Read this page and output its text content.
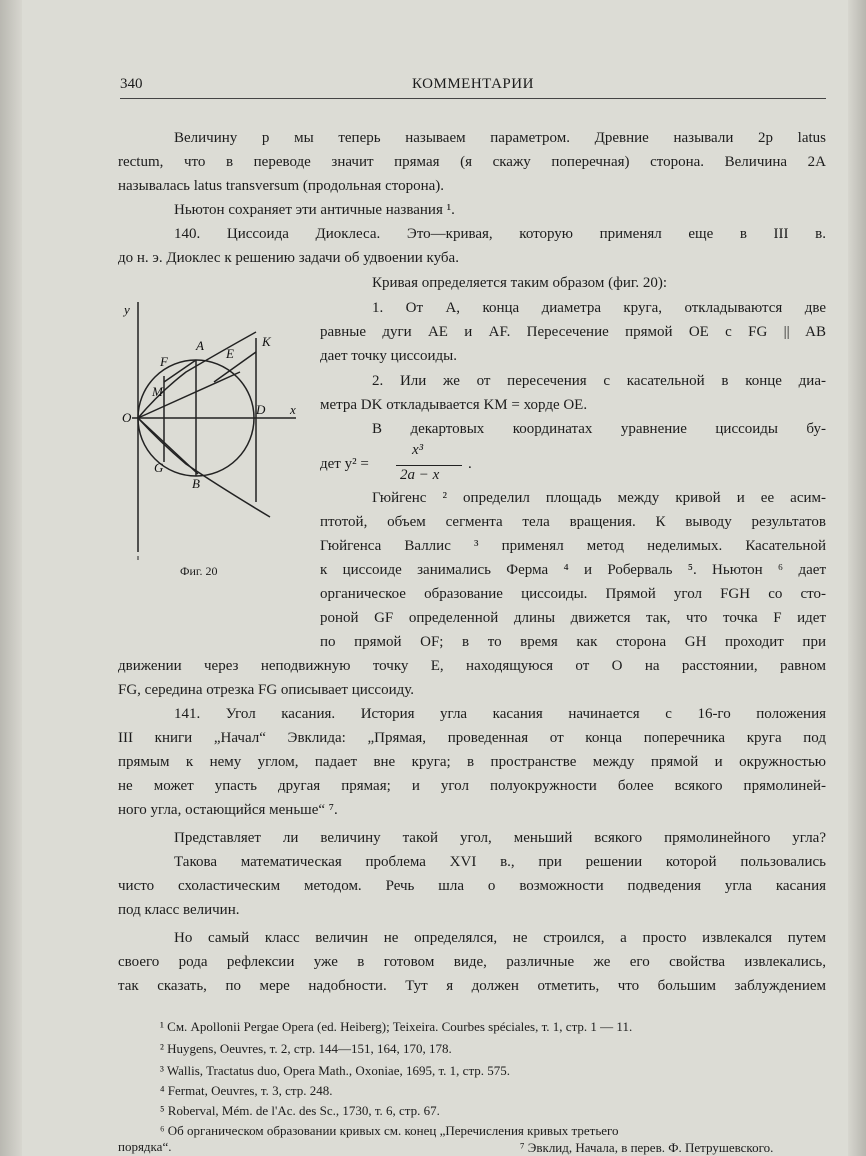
340	КОММЕНТАРИИ
Величину p мы теперь называем параметром. Древние называли 2p latus
rectum, что в переводе значит прямая (я скажу поперечная) сторона. Величина 2A
называлась latus transversum (продольная сторона).
Ньютон сохраняет эти античные названия ¹.
140. Циссоида Диоклеса. Это—кривая, которую применял еще в III в.
до н. э. Диоклес к решению задачи об удвоении куба.
Кривая определяется таким образом (фиг. 20):
1. От A, конца диаметра круга, откладываются две
равные дуги AE и AF. Пересечение прямой OE с FG || AB
дает точку циссоиды.
2. Или же от пересечения с касательной в конце диа-
метра DK откладывается KM = хорде OE.
В декартовых координатах уравнение циссоиды бу-
дет y² =
x³
2a − x
.
Гюйгенс ² определил площадь между кривой и ее асим-
птотой, объем сегмента тела вращения. К выводу результатов
Гюйгенса Валлис ³ применял метод неделимых. Касательной
к циссоиде занимались Ферма ⁴ и Роберваль ⁵. Ньютон ⁶ дает
органическое образование циссоиды. Прямой угол FGH со сто-
роной GF определенной длины движется так, что точка F идет
по прямой OF; в то время как сторона GH проходит при
движении через неподвижную точку E, находящуюся от O на расстоянии, равном
FG, середина отрезка FG описывает циссоиду.
141. Угол касания. История угла касания начинается с 16-го положения
III книги „Начал“ Эвклида: „Прямая, проведенная от конца поперечника круга под
прямым к нему углом, падает вне круга; в пространстве между прямой и окружностью
не может упасть другая прямая; и угол полуокружности более всякого прямолиней-
ного угла, остающийся меньше“ ⁷.
Представляет ли величину такой угол, меньший всякого прямолинейного угла?
Такова математическая проблема XVI в., при решении которой пользовались
чисто схоластическим методом. Речь шла о возможности подведения угла касания
под класс величин.
Но самый класс величин не определялся, не строился, а просто извлекался путем
своего рода рефлексии уже в готовом виде, различные же его свойства извлекались,
так сказать, по мере надобности. Тут я должен отметить, что большим заблуждением
y
F
A
E
K
M
O
D x
G
B
Фиг. 20
¹ См. Apollonii Pergae Opera (ed. Heiberg); Teixeira. Courbes spéciales, т. 1, стр. 1 — 11.
² Huygens, Oeuvres, т. 2, стр. 144—151, 164, 170, 178.
³ Wallis, Tractatus duo, Opera Math., Oxoniae, 1695, т. 1, стр. 575.
⁴ Fermat, Oeuvres, т. 3, стр. 248.
⁵ Roberval, Mém. de l'Ac. des Sc., 1730, т. 6, стр. 67.
⁶ Об органическом образовании кривых см. конец „Перечисления кривых третьего
порядка“.	⁷ Эвклид, Начала, в перев. Ф. Петрушевского.
